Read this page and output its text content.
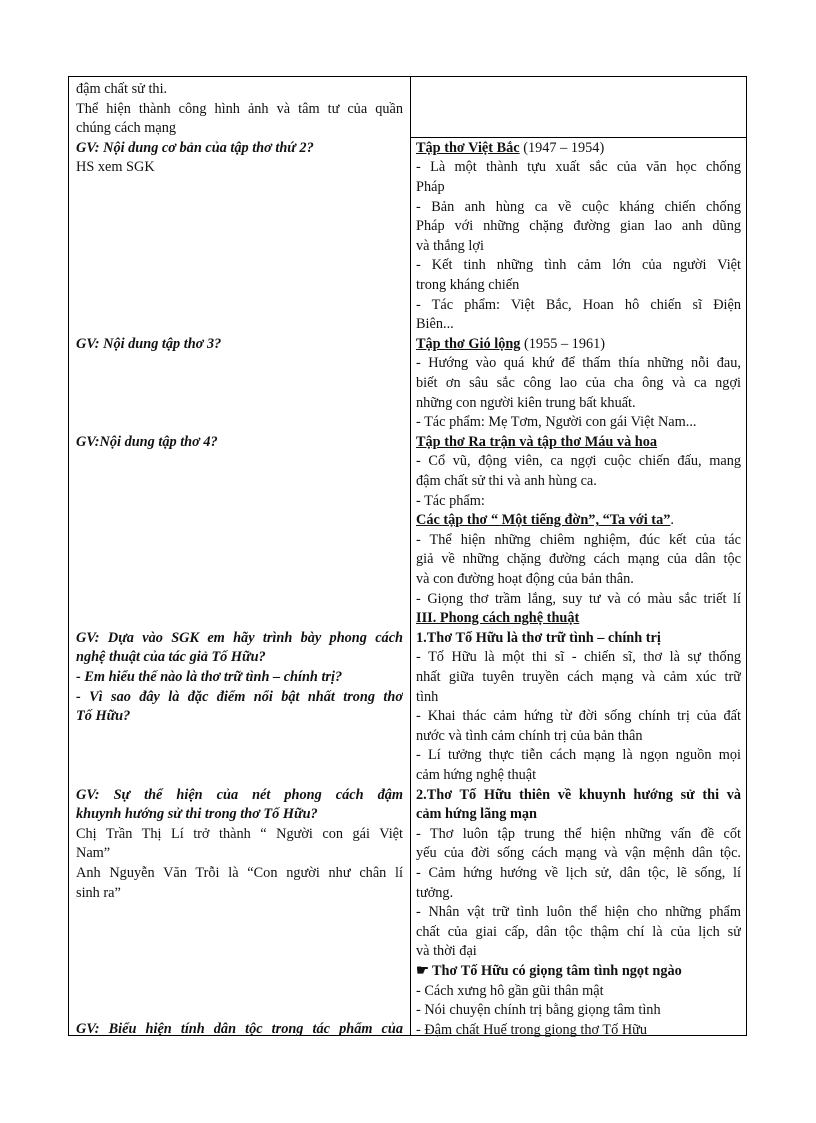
đậm chất sử thi.
Thể hiện thành công hình ảnh và tâm tư của quần
chúng cách mạng
GV: Nội dung cơ bản của tập thơ thứ 2?
HS xem SGK
GV: Nội dung tập thơ 3?
GV:Nội dung tập thơ 4?
GV: Dựa vào SGK em hãy trình bày phong cách
nghệ thuật của tác giả Tố Hữu?
- Em hiểu thế nào là thơ trữ tình – chính trị?
- Vì sao đây là đặc điểm nổi bật nhất trong thơ
Tố Hữu?
GV: Sự thể hiện của nét phong cách đậm
khuynh hướng sử thi trong thơ Tố Hữu?
Chị Trần Thị Lí trở thành “ Người con gái Việt
Nam”
Anh Nguyễn Văn Trỗi là “Con người như chân lí
sinh ra”
GV: Biểu hiện tính dân tộc trong tác phẩm của
Tập thơ Việt Bắc (1947 – 1954)
- Là một thành tựu xuất sắc của văn học chống
Pháp
- Bản anh hùng ca về cuộc kháng chiến chống
Pháp với những chặng đường gian lao anh dũng
và thắng lợi
- Kết tinh những tình cảm lớn của người Việt
trong kháng chiến
- Tác phẩm: Việt Bắc, Hoan hô chiến sĩ Điện
Biên...
Tập thơ Gió lộng (1955 – 1961)
- Hướng vào quá khứ để thấm thía những nỗi đau,
biết ơn sâu sắc công lao của cha ông và ca ngợi
những con người kiên trung bất khuất.
- Tác phẩm: Mẹ Tơm, Người con gái Việt Nam...
Tập thơ Ra trận và tập thơ Máu và hoa
- Cổ vũ, động viên, ca ngợi cuộc chiến đấu, mang
đậm chất sử thi và anh hùng ca.
- Tác phẩm:
Các tập thơ “ Một tiếng đờn”, “Ta với ta”.
- Thể hiện những chiêm nghiệm, đúc kết của tác
giả về những chặng đường cách mạng của dân tộc
và con đường hoạt động của bản thân.
- Giọng thơ trầm lắng, suy tư và có màu sắc triết lí
III. Phong cách nghệ thuật
1.Thơ Tố Hữu là thơ trữ tình – chính trị
- Tố Hữu là một thi sĩ - chiến sĩ, thơ là sự thống
nhất giữa tuyên truyền cách mạng và cảm xúc trữ
tình
- Khai thác cảm hứng từ đời sống chính trị của đất
nước và tình cảm chính trị của bản thân
- Lí tưởng thực tiễn cách mạng là ngọn nguồn mọi
cảm hứng nghệ thuật
2.Thơ Tố Hữu thiên về khuynh hướng sử thi và
cảm hứng lãng mạn
- Thơ luôn tập trung thể hiện những vấn đề cốt
yếu của đời sống cách mạng và vận mệnh dân tộc.
- Cảm hứng hướng về lịch sử, dân tộc, lẽ sống, lí
tưởng.
- Nhân vật trữ tình luôn thể hiện cho những phẩm
chất của giai cấp, dân tộc thậm chí là của lịch sử
và thời đại
☛ Thơ Tố Hữu có giọng tâm tình ngọt ngào
- Cách xưng hô gần gũi thân mật
- Nói chuyện chính trị bằng giọng tâm tình
- Đậm chất Huế trong giọng thơ Tố Hữu
